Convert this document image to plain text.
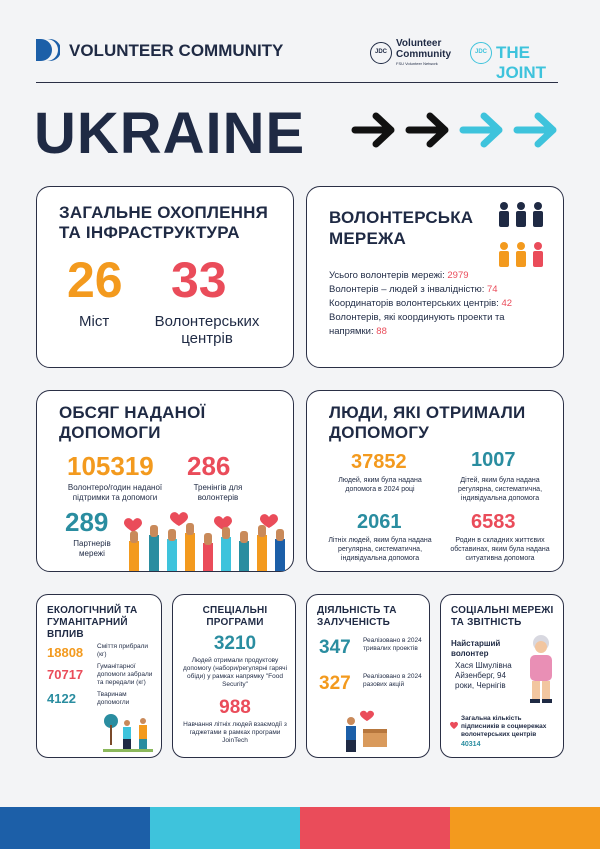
VOLUNTEER COMMUNITY	JDC
Volunteer
Community
FSU Volunteer Network
JDC THE JOINT
UKRAINE
ЗАГАЛЬНЕ ОХОПЛЕННЯ ТА ІНФРАСТРУКТУРА
26 33
Міст	Волонтерських центрів
ВОЛОНТЕРСЬКА МЕРЕЖА
Усього волонтерів мережі: 2979
Волонтерів – людей з інвалідністю: 74
Координаторів волонтерських центрів: 42
Волонтерів, які координують проекти та напрямки: 88
ОБСЯГ НАДАНОЇ ДОПОМОГИ
105319
Волонтеро/годин наданої підтримки та допомоги
286
Тренінгів для волонтерів
289
Партнерів мережі
ЛЮДИ, ЯКІ ОТРИМАЛИ ДОПОМОГУ
37852
Людей, яким була надана допомога в 2024 році
1007
Дітей, яким була надана регулярна, систематична, індивідуальна допомога
2061
Літніх людей, яким була надана регулярна, систематична, індивідуальна допомога
6583
Родин в складних життєвих обставинах, яким була надана ситуативна допомога
ЕКОЛОГІЧНИЙ ТА ГУМАНІТАРНИЙ ВПЛИВ
18808 Сміття прибрали (кг)
70717
Гуманітарної допомоги забрали та передали (кг)
4122	Тваринам допомогли
СПЕЦІАЛЬНІ ПРОГРАМИ
3210
Людей отримали продуктову допомогу (набори/регулярні гарячі обіди) у рамках напрямку "Food Security"
988
Навчання літніх людей взаємодії з гаджетами в рамках програми JoinTech
ДІЯЛЬНІСТЬ ТА ЗАЛУЧЕНІСТЬ
347 Реалізовано в 2024 тривалих проектів
327 Реалізовано в 2024 разових акцій
СОЦІАЛЬНІ МЕРЕЖІ ТА ЗВІТНІСТЬ
Найстарший волонтер
Хася Шмулівна Айзенберг, 94 роки, Чернігів
Загальна кількість підписників в соцмережах волонтерських центрів
40314
